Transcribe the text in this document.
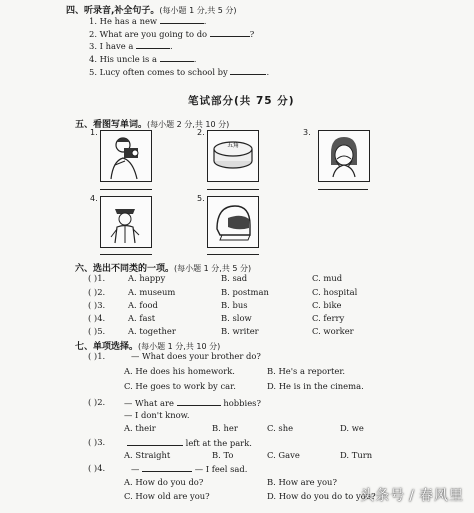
四、听录音,补全句子。(每小题 1 分,共 5 分)
1. He has a new	.
2. What are you going to do	?
3. I have a	.
4. His uncle is a	.
5. Lucy often comes to school by	.
笔试部分(共 75 分)
五、看图写单词。(每小题 2 分,共 10 分)
1.	2.
五角
3.
4.	5.
六、选出不同类的一项。(每小题 1 分,共 5 分)
( )1.	A. happy	B. sad	C. mud
( )2.	A. museum	B. postman	C. hospital
( )3.	A. food	B. bus	C. bike
( )4.	A. fast	B. slow	C. ferry
( )5.	A. together	B. writer	C. worker
七、单项选择。(每小题 1 分,共 10 分)
( )1.	— What does your brother do?
A. He does his homework.	B. He's a reporter.
C. He goes to work by car.	D. He is in the cinema.
( )2. — What are	hobbies?
— I don't know.
A. their	B. her	C. she	D. we
( )3.	left at the park.
A. Straight	B. To	C. Gave	D. Turn
( )4.	—	— I feel sad.
A. How do you do?	B. How are you?
C. How old are you?	D. How do you do to you?
头条号 / 春风里
